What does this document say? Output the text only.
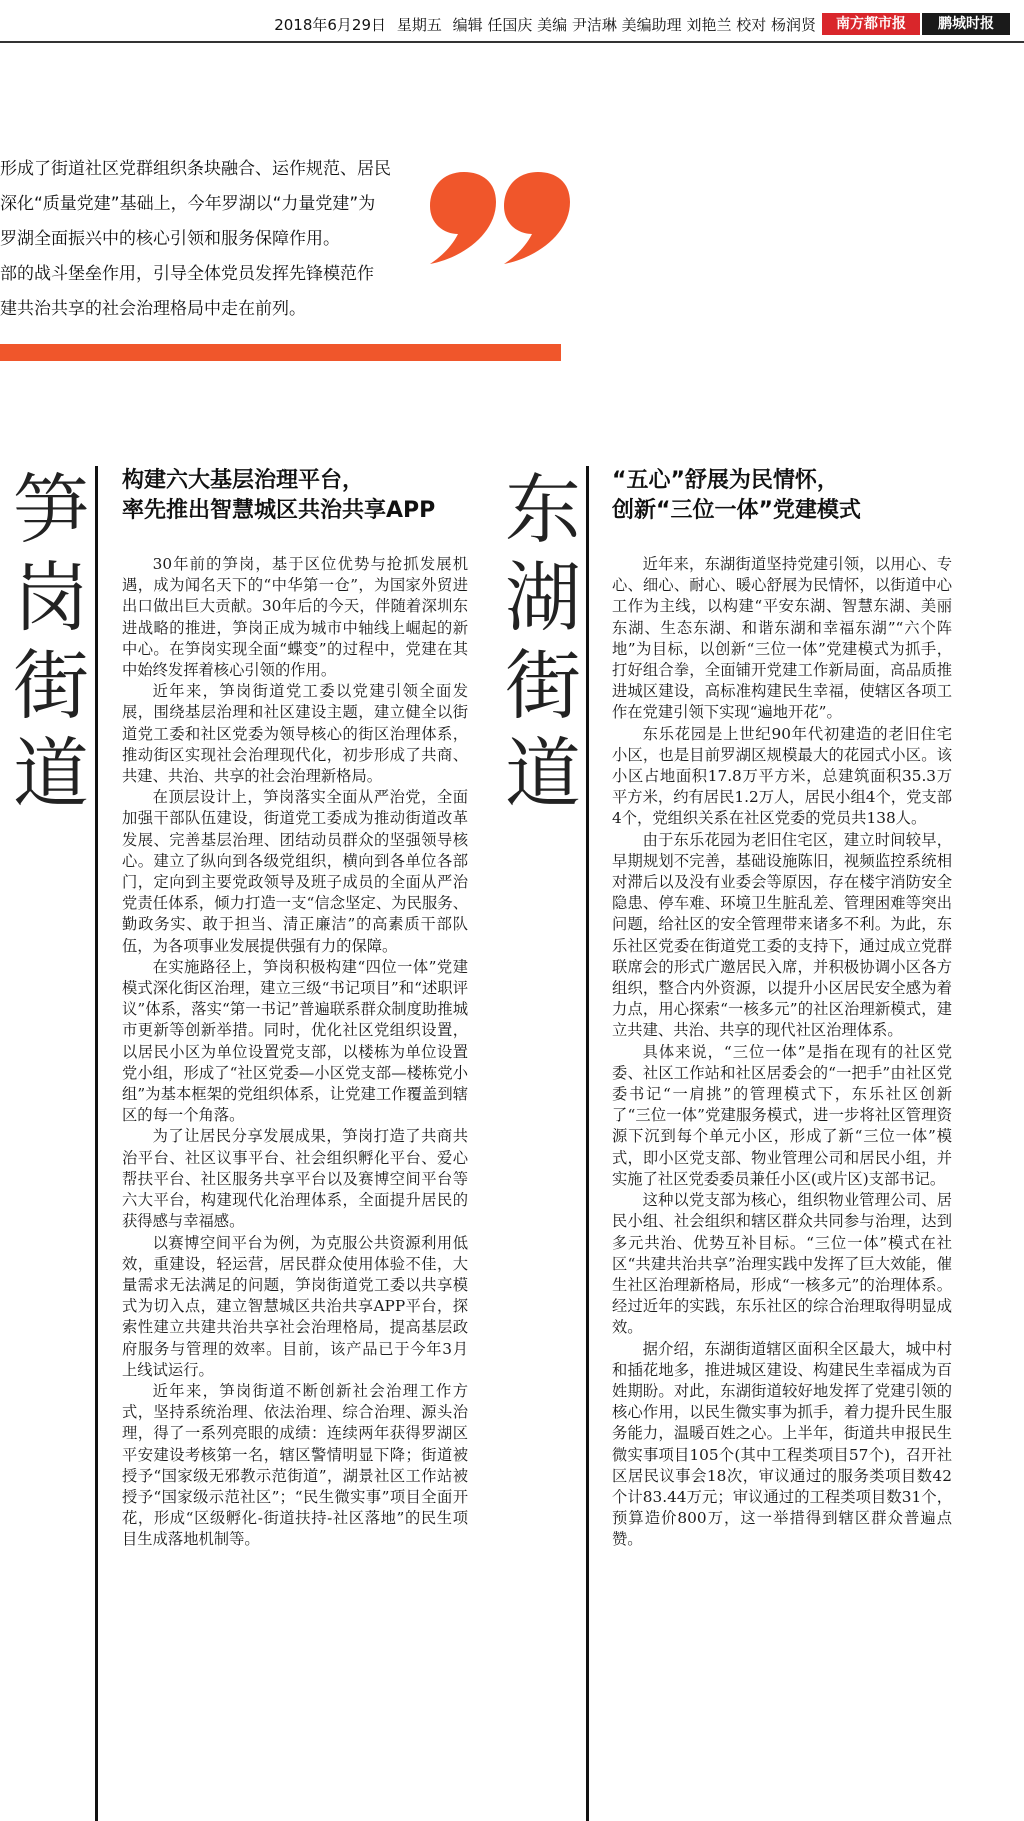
2018年6月29日 星期五 编辑 任国庆 美编 尹洁琳 美编助理 刘艳兰 校对 杨润贤	南方都市报	鹏城时报

形成了街道社区党群组织条块融合、运作规范、居民

深化“质量党建”基础上，今年罗湖以“力量党建”为

罗湖全面振兴中的核心引领和服务保障作用。

部的战斗堡垒作用，引导全体党员发挥先锋模范作

建共治共享的社会治理格局中走在前列。

笋
岗
街
道
构建六大基层治理平台，
率先推出智慧城区共治共享APP

30年前的笋岗，基于区位优势与抢抓发展机遇，成为闻名天下的“中华第一仓”，为国家外贸进出口做出巨大贡献。30年后的今天，伴随着深圳东进战略的推进，笋岗正成为城市中轴线上崛起的新中心。在笋岗实现全面“蝶变”的过程中，党建在其中始终发挥着核心引领的作用。

近年来，笋岗街道党工委以党建引领全面发展，围绕基层治理和社区建设主题，建立健全以街道党工委和社区党委为领导核心的街区治理体系，推动街区实现社会治理现代化，初步形成了共商、共建、共治、共享的社会治理新格局。

在顶层设计上，笋岗落实全面从严治党，全面加强干部队伍建设，街道党工委成为推动街道改革发展、完善基层治理、团结动员群众的坚强领导核心。建立了纵向到各级党组织，横向到各单位各部门，定向到主要党政领导及班子成员的全面从严治党责任体系，倾力打造一支“信念坚定、为民服务、勤政务实、敢于担当、清正廉洁”的高素质干部队伍，为各项事业发展提供强有力的保障。

在实施路径上，笋岗积极构建“四位一体”党建模式深化街区治理，建立三级“书记项目”和“述职评议”体系，落实“第一书记”普遍联系群众制度助推城市更新等创新举措。同时，优化社区党组织设置，以居民小区为单位设置党支部，以楼栋为单位设置党小组，形成了“社区党委—小区党支部—楼栋党小组”为基本框架的党组织体系，让党建工作覆盖到辖区的每一个角落。

为了让居民分享发展成果，笋岗打造了共商共治平台、社区议事平台、社会组织孵化平台、爱心帮扶平台、社区服务共享平台以及赛博空间平台等六大平台，构建现代化治理体系，全面提升居民的获得感与幸福感。

以赛博空间平台为例，为克服公共资源利用低效，重建设，轻运营，居民群众使用体验不佳，大量需求无法满足的问题，笋岗街道党工委以共享模式为切入点，建立智慧城区共治共享APP平台，探索性建立共建共治共享社会治理格局，提高基层政府服务与管理的效率。目前，该产品已于今年3月上线试运行。

近年来，笋岗街道不断创新社会治理工作方式，坚持系统治理、依法治理、综合治理、源头治理，得了一系列亮眼的成绩：连续两年获得罗湖区平安建设考核第一名，辖区警情明显下降；街道被授予“国家级无邪教示范街道”，湖景社区工作站被授予“国家级示范社区”；“民生微实事”项目全面开花，形成“区级孵化-街道扶持-社区落地”的民生项目生成落地机制等。

东
湖
街
道
“五心”舒展为民情怀，
创新“三位一体”党建模式

近年来，东湖街道坚持党建引领，以用心、专心、细心、耐心、暖心舒展为民情怀，以街道中心工作为主线，以构建“平安东湖、智慧东湖、美丽东湖、生态东湖、和谐东湖和幸福东湖”“六个阵地”为目标，以创新“三位一体”党建模式为抓手，打好组合拳，全面铺开党建工作新局面，高品质推进城区建设，高标准构建民生幸福，使辖区各项工作在党建引领下实现“遍地开花”。

东乐花园是上世纪90年代初建造的老旧住宅小区，也是目前罗湖区规模最大的花园式小区。该小区占地面积17.8万平方米，总建筑面积35.3万平方米，约有居民1.2万人，居民小组4个，党支部4个，党组织关系在社区党委的党员共138人。

由于东乐花园为老旧住宅区，建立时间较早，早期规划不完善，基础设施陈旧，视频监控系统相对滞后以及没有业委会等原因，存在楼宇消防安全隐患、停车难、环境卫生脏乱差、管理困难等突出问题，给社区的安全管理带来诸多不利。为此，东乐社区党委在街道党工委的支持下，通过成立党群联席会的形式广邀居民入席，并积极协调小区各方组织，整合内外资源，以提升小区居民安全感为着力点，用心探索“一核多元”的社区治理新模式，建立共建、共治、共享的现代社区治理体系。

具体来说，“三位一体”是指在现有的社区党委、社区工作站和社区居委会的“一把手”由社区党委书记“一肩挑”的管理模式下，东乐社区创新了“三位一体”党建服务模式，进一步将社区管理资源下沉到每个单元小区，形成了新“三位一体”模式，即小区党支部、物业管理公司和居民小组，并实施了社区党委委员兼任小区(或片区)支部书记。

这种以党支部为核心，组织物业管理公司、居民小组、社会组织和辖区群众共同参与治理，达到多元共治、优势互补目标。“三位一体”模式在社区“共建共治共享”治理实践中发挥了巨大效能，催生社区治理新格局，形成“一核多元”的治理体系。经过近年的实践，东乐社区的综合治理取得明显成效。

据介绍，东湖街道辖区面积全区最大，城中村和插花地多，推进城区建设、构建民生幸福成为百姓期盼。对此，东湖街道较好地发挥了党建引领的核心作用，以民生微实事为抓手，着力提升民生服务能力，温暖百姓之心。上半年，街道共申报民生微实事项目105个(其中工程类项目57个)，召开社区居民议事会18次，审议通过的服务类项目数42个计83.44万元；审议通过的工程类项目数31个，预算造价800万，这一举措得到辖区群众普遍点赞。
